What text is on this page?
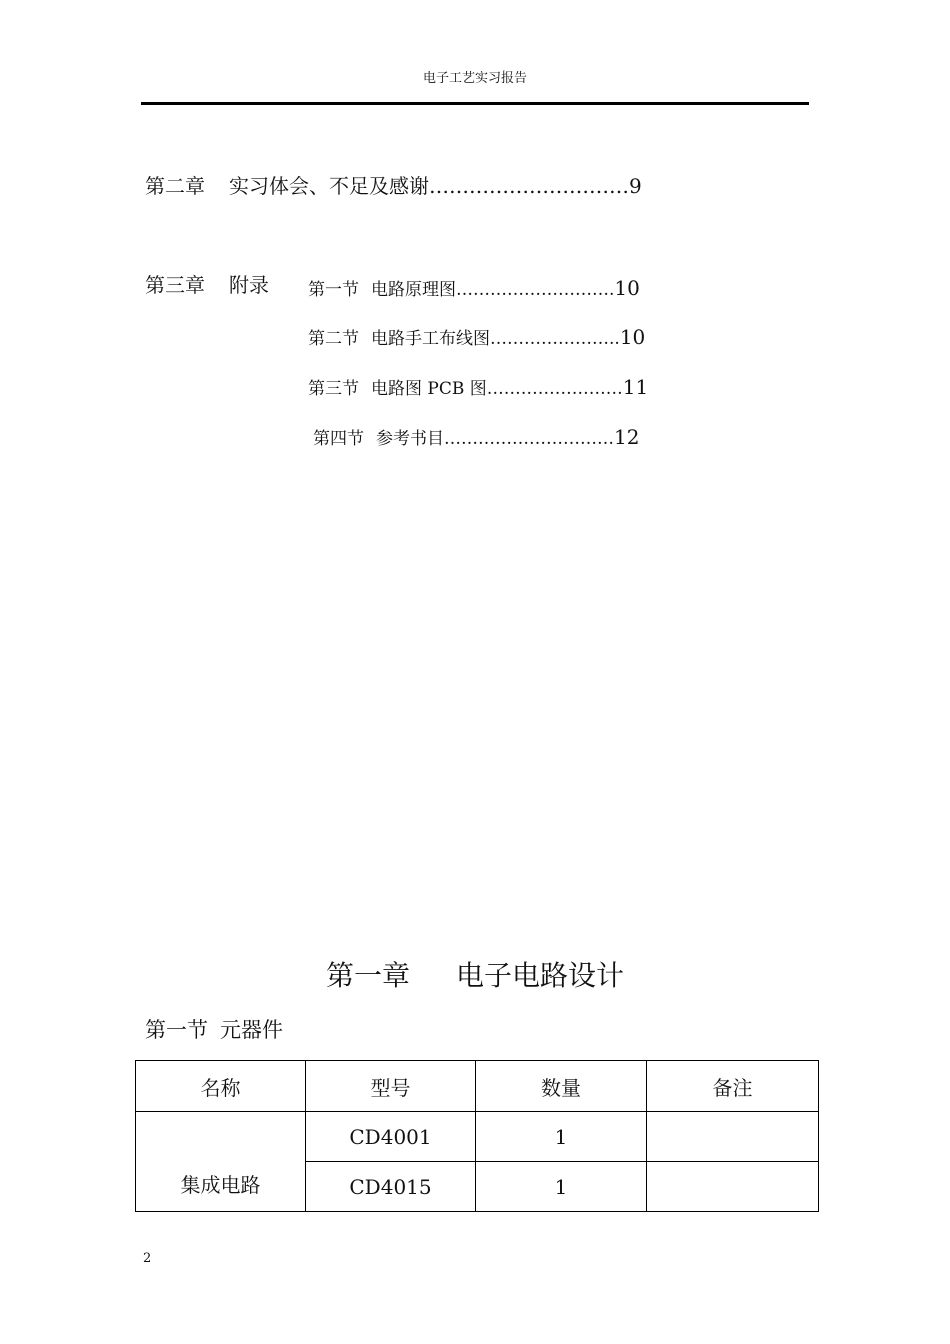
电子工艺实习报告
第二章 实习体会、不足及感谢…………………………9
第三章 附录 第一节 电路原理图……………………….10
第二节 电路手工布线图…………………..10
第三节 电路图 PCB 图……………………11
第四节 参考书目…………………………12
第一章 电子电路设计
第一节 元器件
名称	型号	数量	备注
集成电路	CD4001	1	
	CD4015	1	
2
